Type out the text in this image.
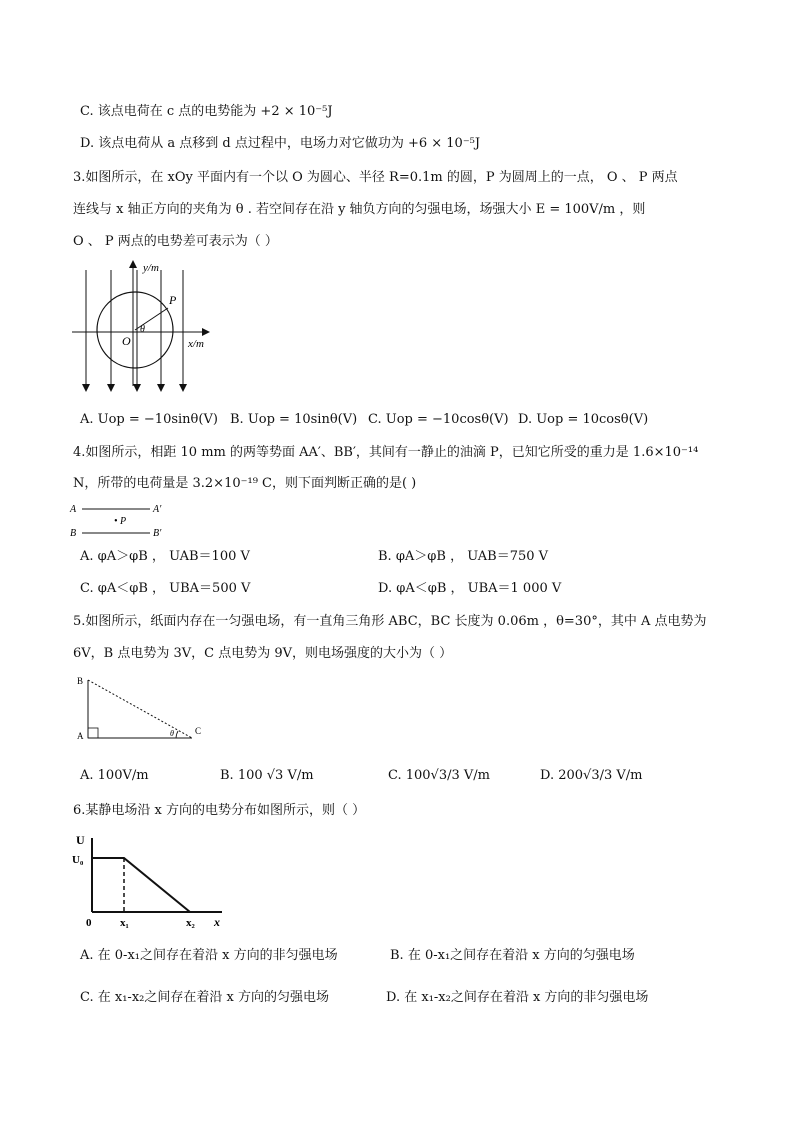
C. 该点电荷在 c 点的电势能为 +2 × 10⁻⁵J
D. 该点电荷从 a 点移到 d 点过程中，电场力对它做功为 +6 × 10⁻⁵J
3.如图所示，在 xOy 平面内有一个以 O 为圆心、半径 R=0.1m 的圆，P 为圆周上的一点， O 、 P 两点
连线与 x 轴正方向的夹角为 θ . 若空间存在沿 y 轴负方向的匀强电场，场强大小 E = 100V/m ，则
O 、 P 两点的电势差可表示为（ ）
y/m
x/m
O
P
θ
A. Uop = −10sinθ(V) B. Uop = 10sinθ(V) C. Uop = −10cosθ(V) D. Uop = 10cosθ(V)
4.如图所示，相距 10 mm 的两等势面 AA′、BB′，其间有一静止的油滴 P，已知它所受的重力是 1.6×10⁻¹⁴
N，所带的电荷量是 3.2×10⁻¹⁹ C，则下面判断正确的是( )
A	A′
B	B′
• P
A. φA＞φB ， UAB＝100 V	B. φA＞φB ， UAB＝750 V
C. φA＜φB ， UBA＝500 V	D. φA＜φB ， UBA＝1 000 V
5.如图所示，纸面内存在一匀强电场，有一直角三角形 ABC，BC 长度为 0.06m ，θ=30°，其中 A 点电势为
6V，B 点电势为 3V，C 点电势为 9V，则电场强度的大小为（ ）
B
A	C
θ
A. 100V/m	B. 100 √3 V/m	C. 100√3/3 V/m	D. 200√3/3 V/m
6.某静电场沿 x 方向的电势分布如图所示，则（ ）
U
U₀
0	x₁	x₂ x
A. 在 0-x₁之间存在着沿 x 方向的非匀强电场	B. 在 0-x₁之间存在着沿 x 方向的匀强电场
C. 在 x₁-x₂之间存在着沿 x 方向的匀强电场	D. 在 x₁-x₂之间存在着沿 x 方向的非匀强电场
